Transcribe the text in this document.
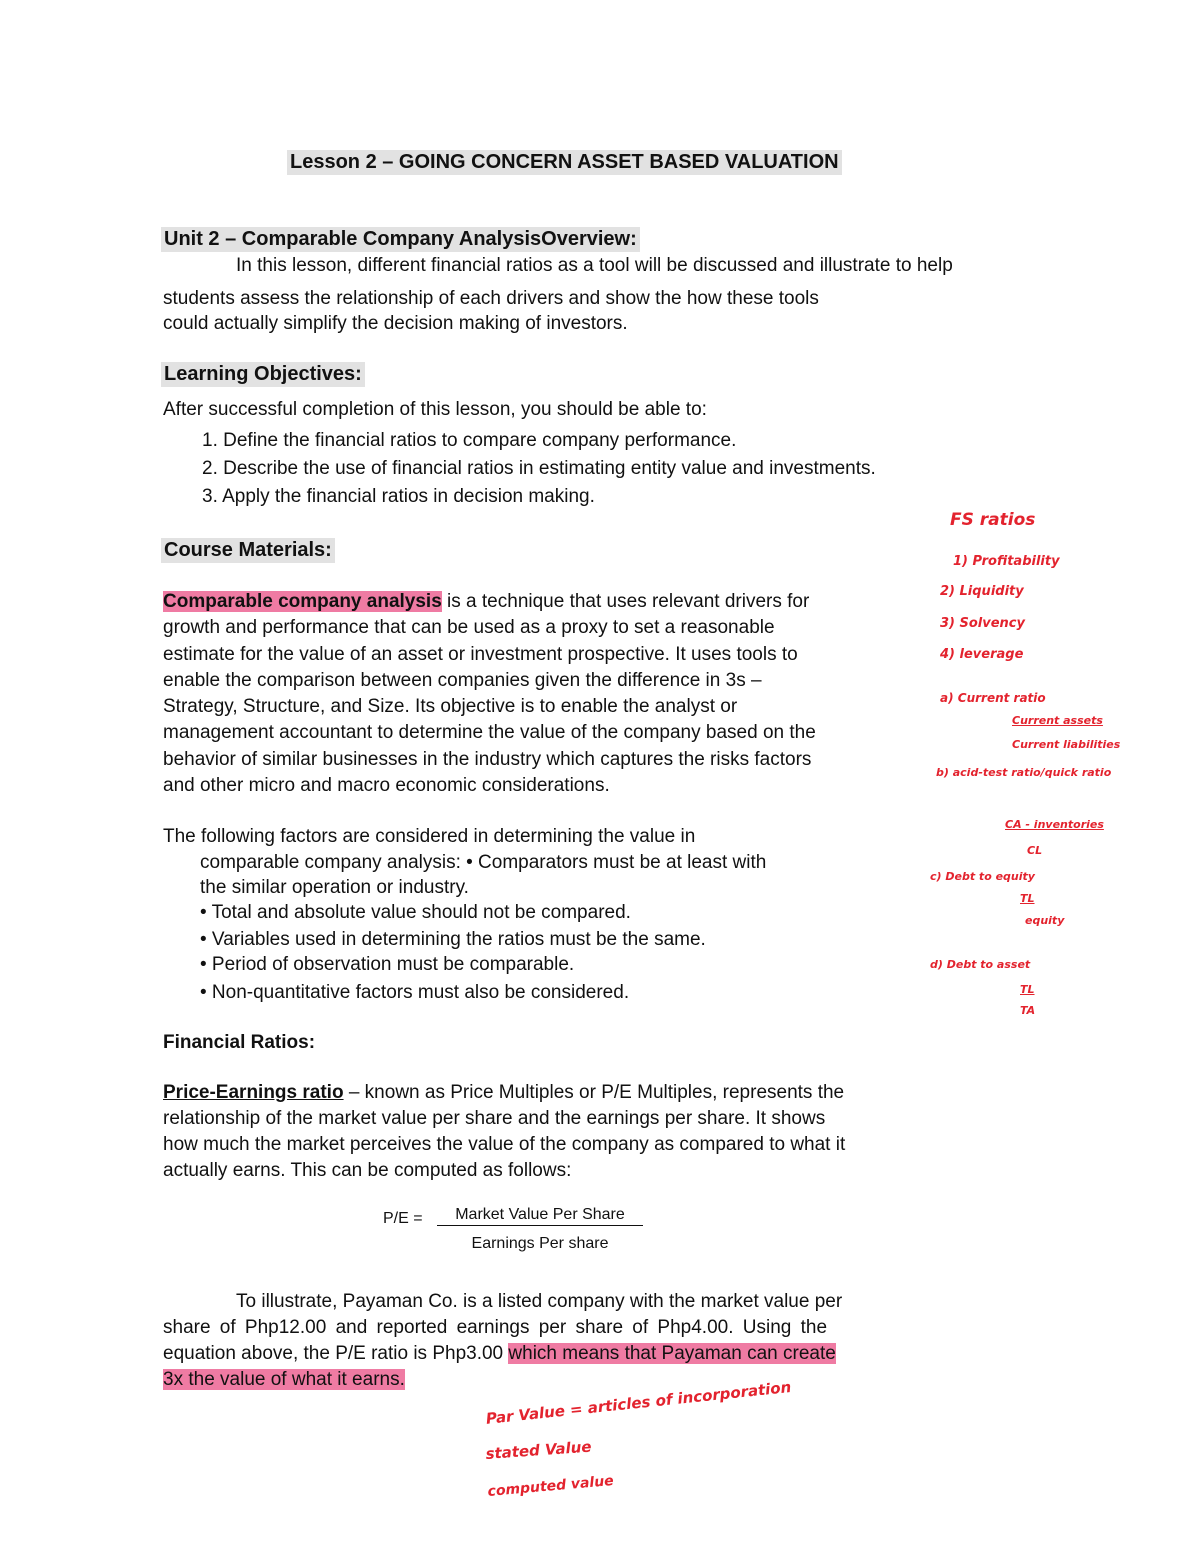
Lesson 2 – GOING CONCERN ASSET BASED VALUATION
Unit 2 – Comparable Company AnalysisOverview:
In this lesson, different financial ratios as a tool will be discussed and illustrate to help
students assess the relationship of each drivers and show the how these tools
could actually simplify the decision making of investors.
Learning Objectives:
After successful completion of this lesson, you should be able to:
1. Define the financial ratios to compare company performance.
2. Describe the use of financial ratios in estimating entity value and investments.
3. Apply the financial ratios in decision making.
Course Materials:
Comparable company analysis is a technique that uses relevant drivers for
growth and performance that can be used as a proxy to set a reasonable
estimate for the value of an asset or investment prospective. It uses tools to
enable the comparison between companies given the difference in 3s –
Strategy, Structure, and Size. Its objective is to enable the analyst or
management accountant to determine the value of the company based on the
behavior of similar businesses in the industry which captures the risks factors
and other micro and macro economic considerations.
The following factors are considered in determining the value in
comparable company analysis: • Comparators must be at least with
the similar operation or industry.
• Total and absolute value should not be compared.
• Variables used in determining the ratios must be the same.
• Period of observation must be comparable.
• Non-quantitative factors must also be considered.
Financial Ratios:
Price-Earnings ratio – known as Price Multiples or P/E Multiples, represents the
relationship of the market value per share and the earnings per share. It shows
how much the market perceives the value of the company as compared to what it
actually earns. This can be computed as follows:
P/E =	Market Value Per Share
Earnings Per share
To illustrate, Payaman Co. is a listed company with the market value per
share of Php12.00 and reported earnings per share of Php4.00. Using the
equation above, the P/E ratio is Php3.00 which means that Payaman can create
3x the value of what it earns.
FS ratios
1) Profitability
2) Liquidity
3) Solvency
4) leverage
a) Current ratio
Current assets
Current liabilities
b) acid-test ratio/quick ratio
CA - inventories
CL
c) Debt to equity
TL
equity
d) Debt to asset
TL
TA
Par Value = articles of incorporation
stated Value
computed value
